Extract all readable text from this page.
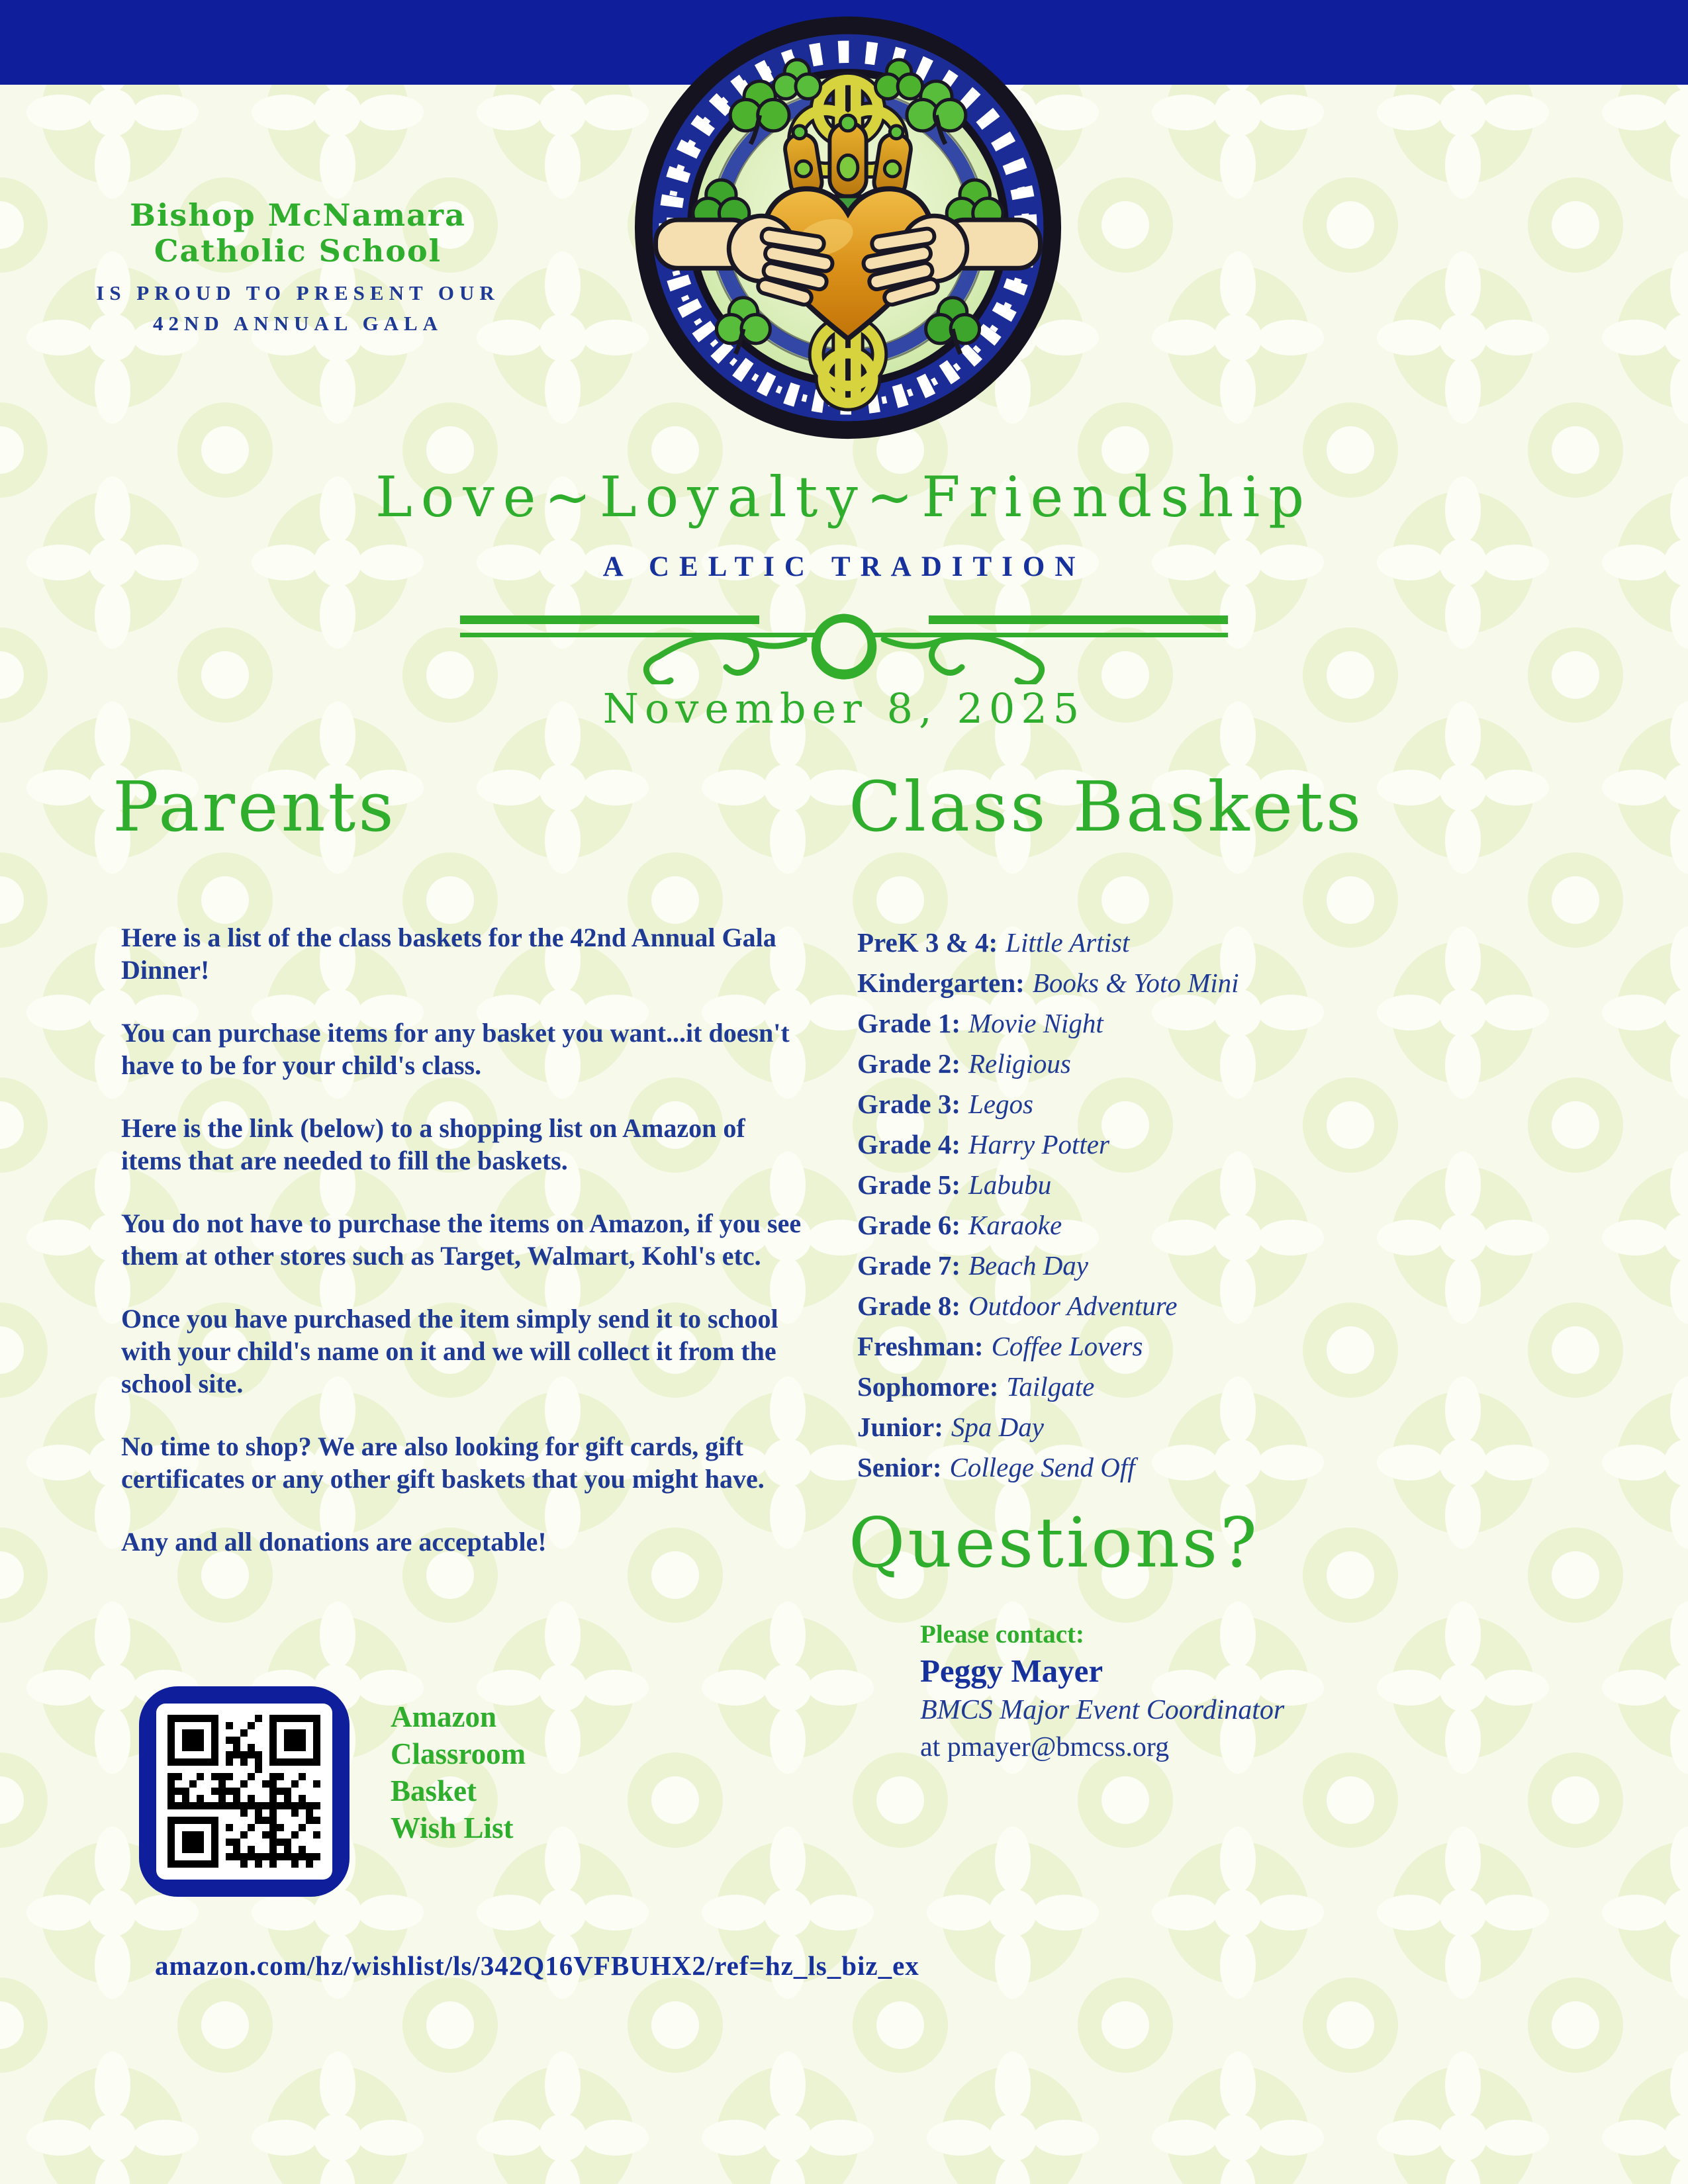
Bishop McNamara
Catholic School
IS PROUD TO PRESENT OUR
42ND ANNUAL GALA
Love~Loyalty~Friendship
A CELTIC TRADITION
November 8, 2025
Parents

Here is a list of the class baskets for the 42nd Annual Gala Dinner!

You can purchase items for any basket you want...it doesn't have to be for your child's class.

Here is the link (below) to a shopping list on Amazon of items that are needed to fill the baskets.

You do not have to purchase the items on Amazon, if you see them at other stores such as Target, Walmart, Kohl's etc.

Once you have purchased the item simply send it to school with your child's name on it and we will collect it from the school site.

No time to shop? We are also looking for gift cards, gift certificates or any other gift baskets that you might have.

Any and all donations are acceptable!

Class Baskets
PreK 3 & 4: Little Artist
Kindergarten: Books & Yoto Mini
Grade 1: Movie Night
Grade 2: Religious
Grade 3: Legos
Grade 4: Harry Potter
Grade 5: Labubu
Grade 6: Karaoke
Grade 7: Beach Day
Grade 8: Outdoor Adventure
Freshman: Coffee Lovers
Sophomore: Tailgate
Junior: Spa Day
Senior: College Send Off
Questions?
Please contact:
Peggy Mayer
BMCS Major Event Coordinator
at pmayer@bmcss.org
Amazon
Classroom
Basket
Wish List
amazon.com/hz/wishlist/ls/342Q16VFBUHX2/ref=hz_ls_biz_ex
